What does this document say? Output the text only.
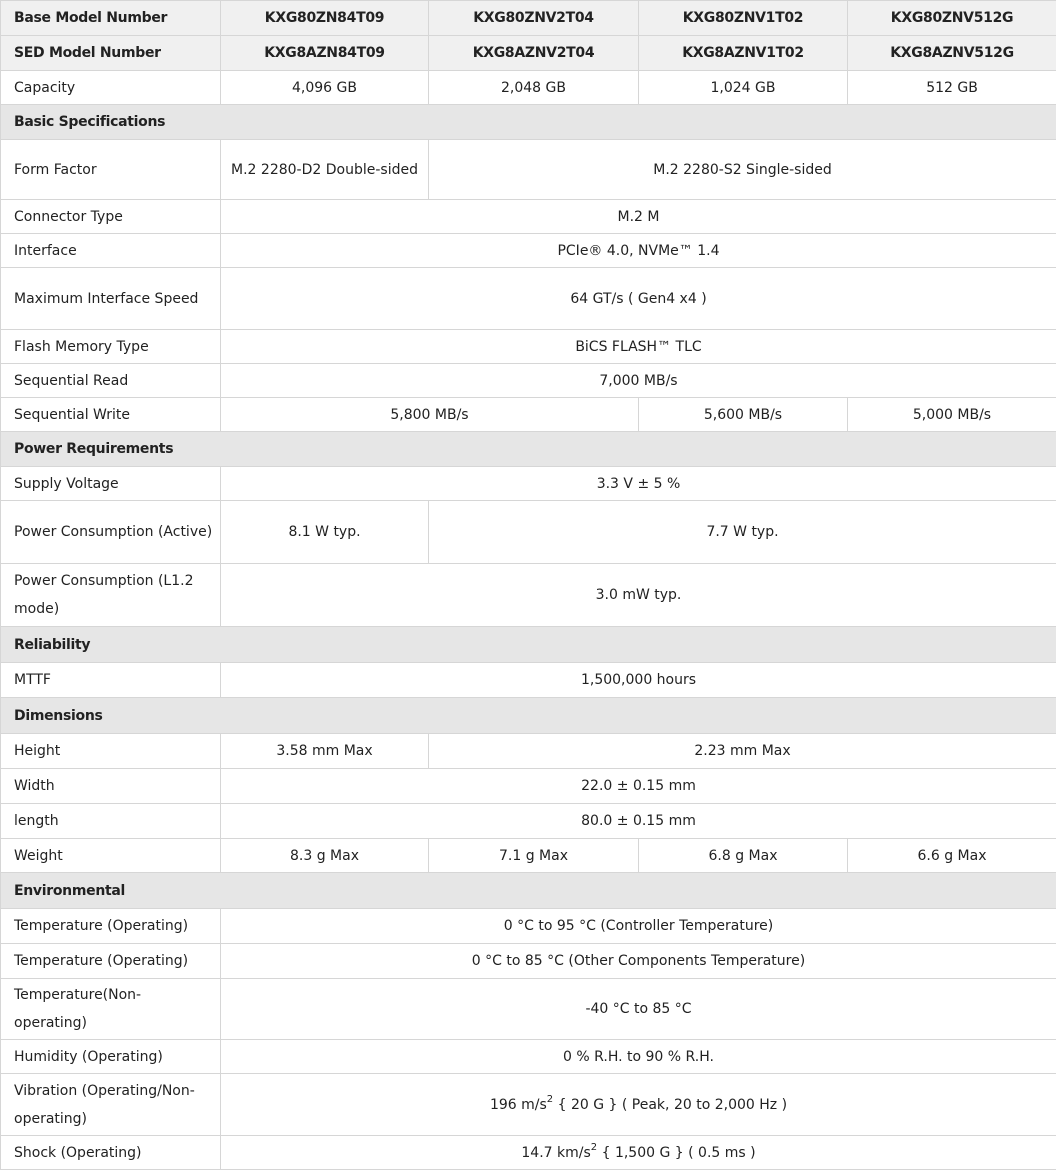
Base Model Number	KXG80ZN84T09	KXG80ZNV2T04	KXG80ZNV1T02	KXG80ZNV512G
SED Model Number	KXG8AZN84T09	KXG8AZNV2T04	KXG8AZNV1T02	KXG8AZNV512G
Capacity	4,096 GB	2,048 GB	1,024 GB	512 GB
Basic Specifications				
Form Factor	M.2 2280-D2 Double-sided	M.2 2280-S2 Single-sided		
Connector Type	M.2 M			
Interface	PCIe® 4.0, NVMe™ 1.4			
Maximum Interface Speed	64 GT/s ( Gen4 x4 )			
Flash Memory Type	BiCS FLASH™ TLC			
Sequential Read	7,000 MB/s			
Sequential Write	5,800 MB/s		5,600 MB/s	5,000 MB/s
Power Requirements				
Supply Voltage	3.3 V ± 5 %			
Power Consumption (Active)	8.1 W typ.	7.7 W typ.		
Power Consumption (L1.2 mode)	3.0 mW typ.			
Reliability				
MTTF	1,500,000 hours			
Dimensions				
Height	3.58 mm Max	2.23 mm Max		
Width	22.0 ± 0.15 mm			
length	80.0 ± 0.15 mm			
Weight	8.3 g Max	7.1 g Max	6.8 g Max	6.6 g Max
Environmental				
Temperature (Operating)	0 °C to 95 °C (Controller Temperature)			
Temperature (Operating)	0 °C to 85 °C (Other Components Temperature)			
Temperature(Non-operating)	-40 °C to 85 °C			
Humidity (Operating)	0 % R.H. to 90 % R.H.			
Vibration (Operating/Non-operating)	196 $m/s^2$ { 20 G } ( Peak, 20 to 2,000 Hz )			
Shock (Operating)	14.7 $km/s^2$ { 1,500 G } ( 0.5 ms )			
